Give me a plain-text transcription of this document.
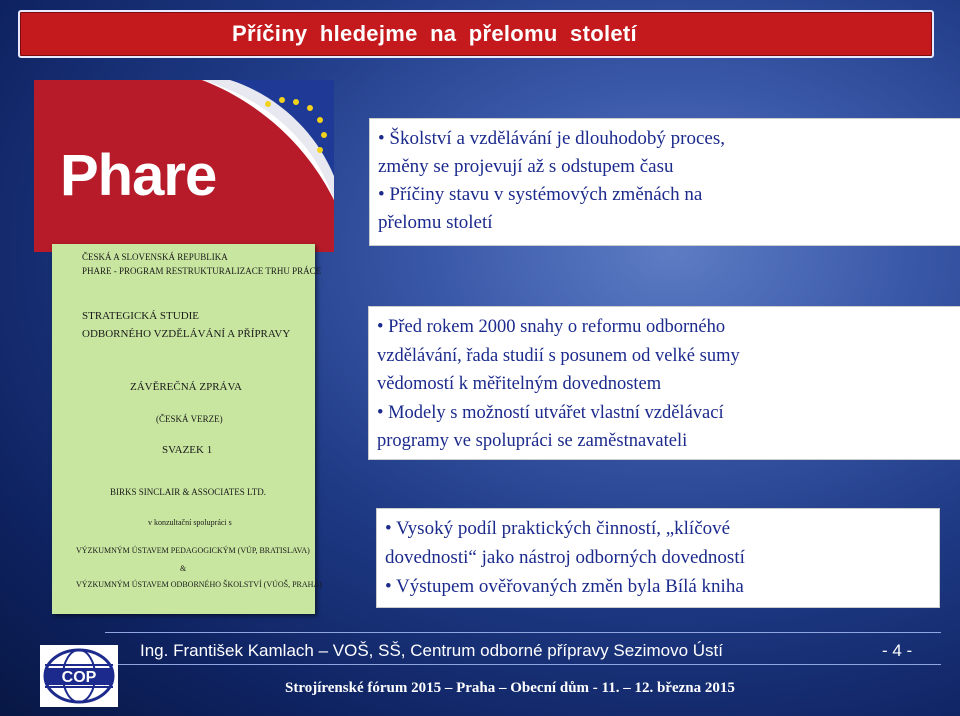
Příčiny hledejme na přelomu století
Phare
ČESKÁ A SLOVENSKÁ REPUBLIKA
PHARE - PROGRAM RESTRUKTURALIZACE TRHU PRÁCE
STRATEGICKÁ STUDIE
ODBORNÉHO VZDĚLÁVÁNÍ A PŘÍPRAVY
ZÁVĚREČNÁ ZPRÁVA
(ČESKÁ VERZE)
SVAZEK 1
BIRKS SINCLAIR & ASSOCIATES LTD.
v konzultační spolupráci s
VÝZKUMNÝM ÚSTAVEM PEDAGOGICKÝM (VÚP, BRATISLAVA)
&
VÝZKUMNÝM ÚSTAVEM ODBORNÉHO ŠKOLSTVÍ (VÚOŠ, PRAHA)

• Školství a vzdělávání je dlouhodobý proces,

změny se projevují až s odstupem času

• Příčiny stavu v systémových změnách na

přelomu století

• Před rokem 2000 snahy o reformu odborného

vzdělávání, řada studií s posunem od velké sumy

vědomostí k měřitelným dovednostem

• Modely s možností utvářet vlastní vzdělávací

programy ve spolupráci se zaměstnavateli

• Vysoký podíl praktických činností, „klíčové

dovednosti“ jako nástroj odborných dovedností

• Výstupem ověřovaných změn byla Bílá kniha

Ing. František Kamlach – VOŠ, SŠ, Centrum odborné přípravy Sezimovo Ústí	- 4 -
Strojírenské fórum 2015 – Praha – Obecní dům - 11. – 12. března 2015
COP
